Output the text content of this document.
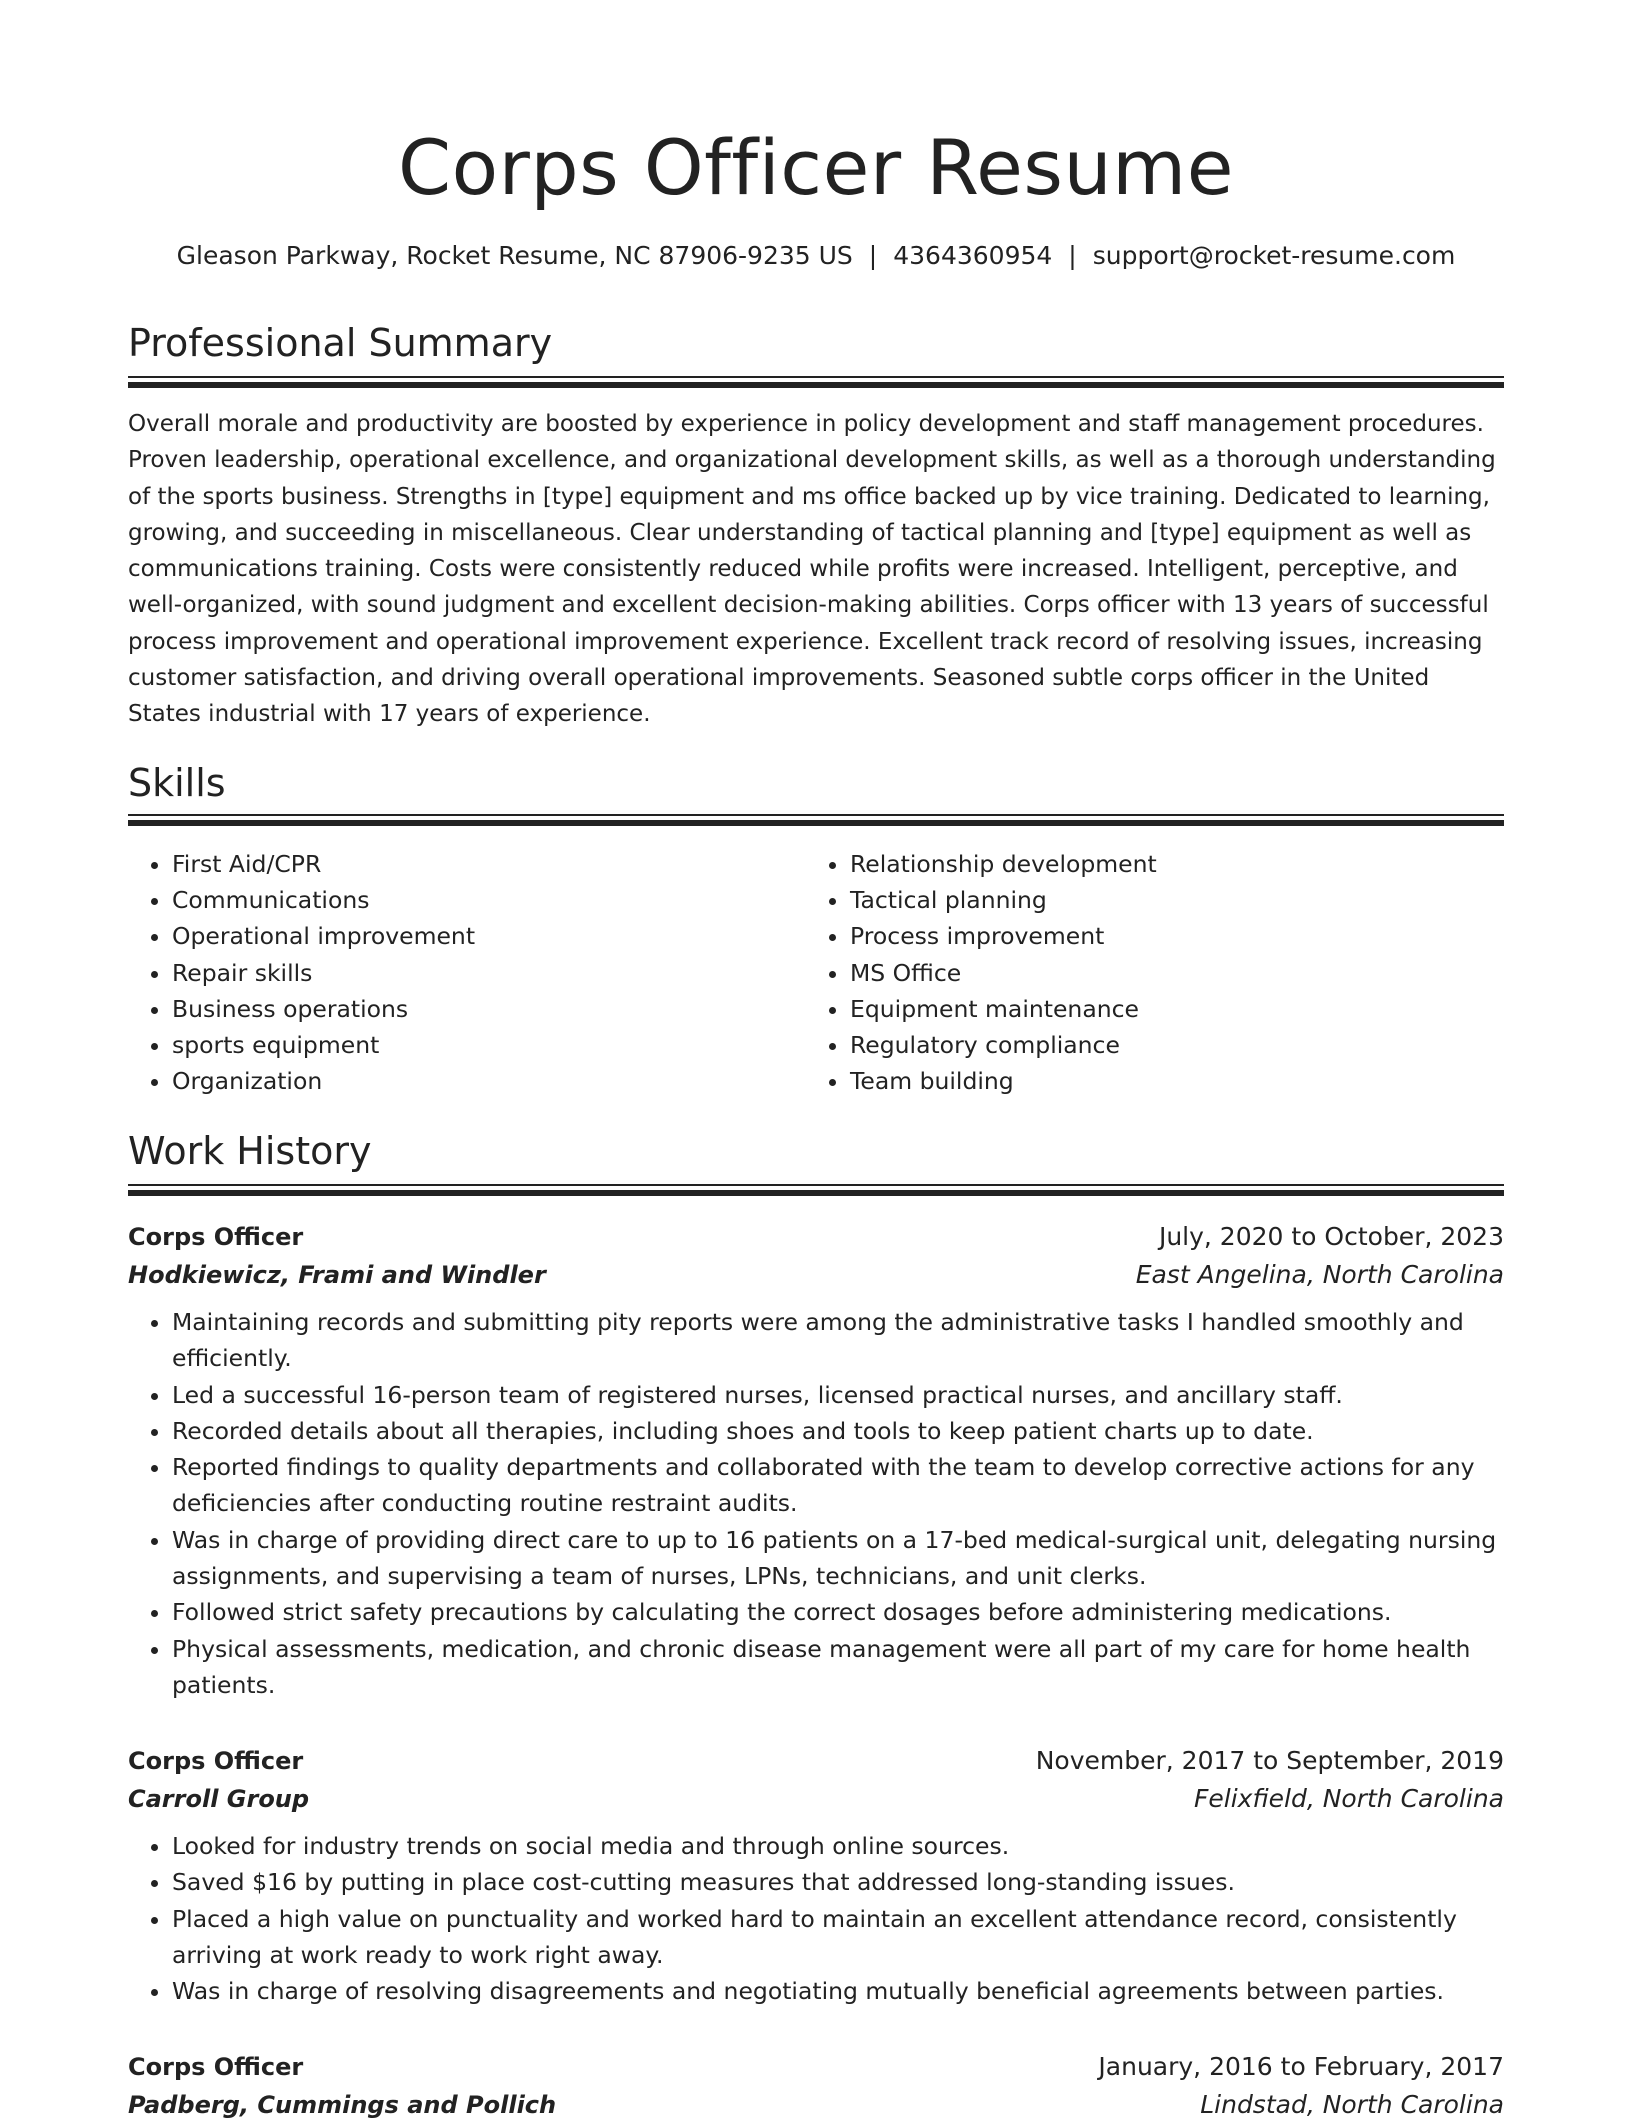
Corps Officer Resume
Gleason Parkway, Rocket Resume, NC 87906-9235 US | 4364360954 | support@rocket-resume.com
Professional Summary
Overall morale and productivity are boosted by experience in policy development and staff management procedures. Proven leadership, operational excellence, and organizational development skills, as well as a thorough understanding of the sports business. Strengths in [type] equipment and ms office backed up by vice training. Dedicated to learning, growing, and succeeding in miscellaneous. Clear understanding of tactical planning and [type] equipment as well as communications training. Costs were consistently reduced while profits were increased. Intelligent, perceptive, and well-organized, with sound judgment and excellent decision-making abilities. Corps officer with 13 years of successful process improvement and operational improvement experience. Excellent track record of resolving issues, increasing customer satisfaction, and driving overall operational improvements. Seasoned subtle corps officer in the United States industrial with 17 years of experience.
Skills
• First Aid/CPR
• Communications
• Operational improvement
• Repair skills
• Business operations
• sports equipment
• Organization
• Relationship development
• Tactical planning
• Process improvement
• MS Office
• Equipment maintenance
• Regulatory compliance
• Team building
Work History
Corps Officer	July, 2020 to October, 2023
Hodkiewicz, Frami and Windler	East Angelina, North Carolina
• Maintaining records and submitting pity reports were among the administrative tasks I handled smoothly and efficiently.
• Led a successful 16-person team of registered nurses, licensed practical nurses, and ancillary staff.
• Recorded details about all therapies, including shoes and tools to keep patient charts up to date.
• Reported findings to quality departments and collaborated with the team to develop corrective actions for any deficiencies after conducting routine restraint audits.
• Was in charge of providing direct care to up to 16 patients on a 17-bed medical-surgical unit, delegating nursing assignments, and supervising a team of nurses, LPNs, technicians, and unit clerks.
• Followed strict safety precautions by calculating the correct dosages before administering medications.
• Physical assessments, medication, and chronic disease management were all part of my care for home health patients.
Corps Officer	November, 2017 to September, 2019
Carroll Group	Felixfield, North Carolina
• Looked for industry trends on social media and through online sources.
• Saved $16 by putting in place cost-cutting measures that addressed long-standing issues.
• Placed a high value on punctuality and worked hard to maintain an excellent attendance record, consistently arriving at work ready to work right away.
• Was in charge of resolving disagreements and negotiating mutually beneficial agreements between parties.
Corps Officer	January, 2016 to February, 2017
Padberg, Cummings and Pollich	Lindstad, North Carolina
